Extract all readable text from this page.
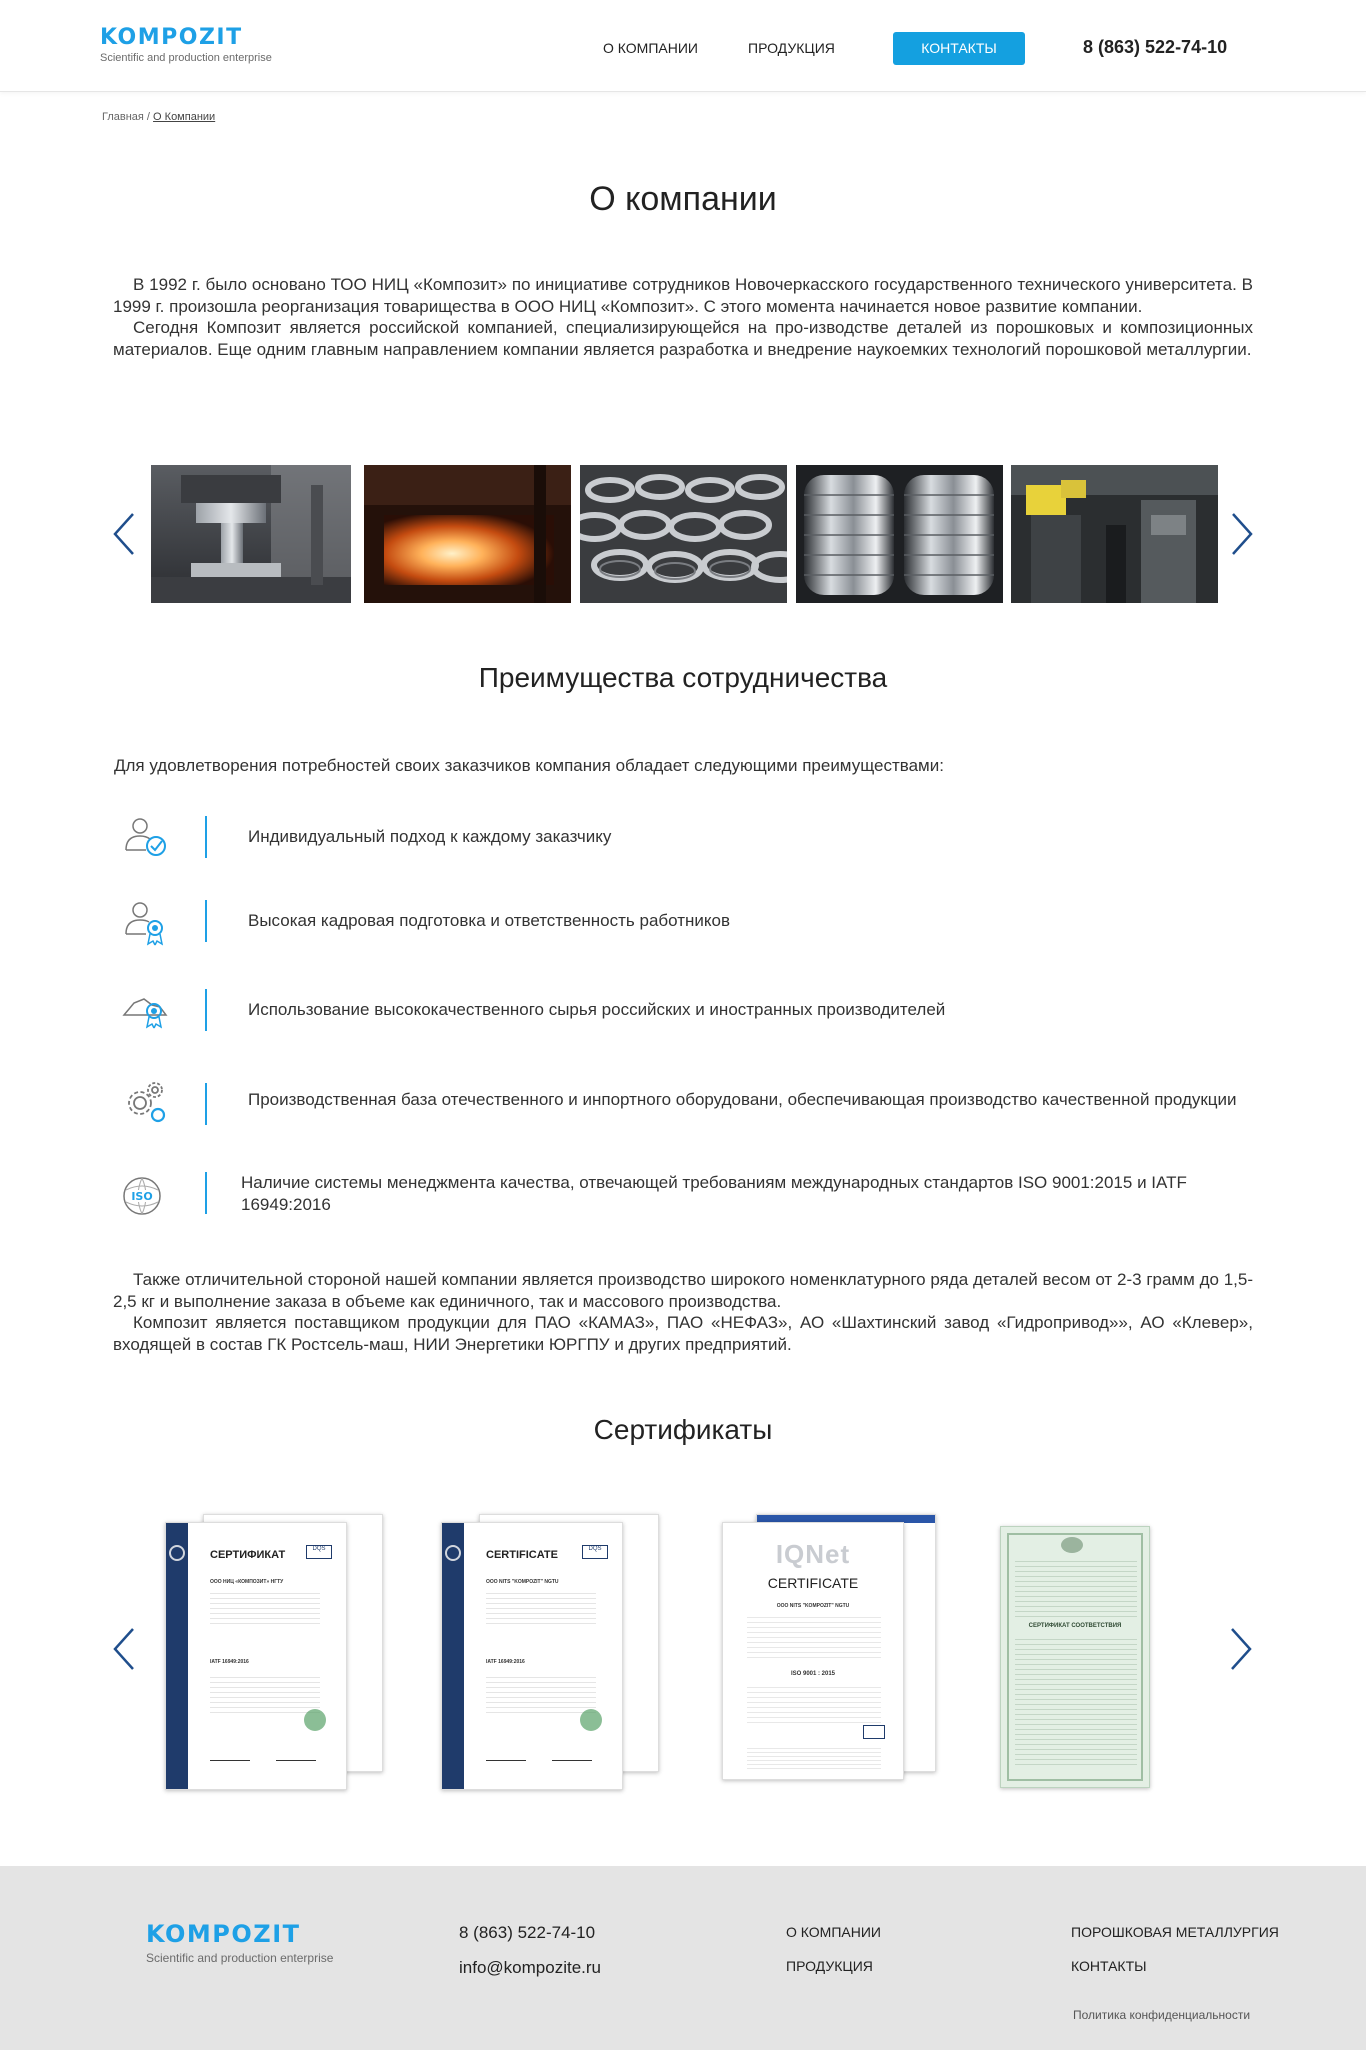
KOMPOZIT
Scientific and production enterprise
О КОМПАНИИ	ПРОДУКЦИЯ	КОНТАКТЫ	8 (863) 522-74-10
Главная / О Компании
О компании

В 1992 г. было основано ТОО НИЦ «Композит» по инициативе сотрудников Новочеркасского государственного технического университета. В 1999 г. произошла реорганизация товарищества в ООО НИЦ «Композит». С этого момента начинается новое развитие компании.

Сегодня Композит является российской компанией, специализирующейся на про-изводстве деталей из порошковых и композиционных материалов. Еще одним главным направлением компании является разработка и внедрение наукоемких технологий порошковой металлургии.

Преимущества сотрудничества
Для удовлетворения потребностей своих заказчиков компания обладает следующими преимуществами:
Индивидуальный подход к каждому заказчику
Высокая кадровая подготовка и ответственность работников
Использование высококачественного сырья российских и иностранных производителей
Производственная база отечественного и инпортного оборудовани, обеспечивающая производство качественной продукции
ISO
Наличие системы менеджмента качества, отвечающей требованиям международных стандартов ISO 9001:2015 и IATF 16949:2016

Также отличительной стороной нашей компании является производство широкого номенклатурного ряда деталей весом от 2-3 грамм до 1,5-2,5 кг и выполнение заказа в объеме как единичного, так и массового производства.

Композит является поставщиком продукции для ПАО «КАМАЗ», ПАО «НЕФАЗ», АО «Шахтинский завод «Гидропривод»», АО «Клевер», входящей в состав ГК Ростсель-маш, НИИ Энергетики ЮРГПУ и других предприятий.

Сертификаты
СЕРТИФИКАТ	DQS
ООО НИЦ «КОМПОЗИТ» НГТУ
IATF 16949:2016
CERTIFICATE	DQS
OOO NITS "KOMPOZIT" NGTU
IATF 16949:2016
IQNet
CERTIFICATE
OOO NITS "KOMPOZIT" NGTU
ISO 9001 : 2015
СЕРТИФИКАТ СООТВЕТСТВИЯ
KOMPOZIT
Scientific and production enterprise
8 (863) 522-74-10
info@kompozite.ru
О КОМПАНИИ
ПРОДУКЦИЯ
ПОРОШКОВАЯ МЕТАЛЛУРГИЯ
КОНТАКТЫ
Политика конфиденциальности
